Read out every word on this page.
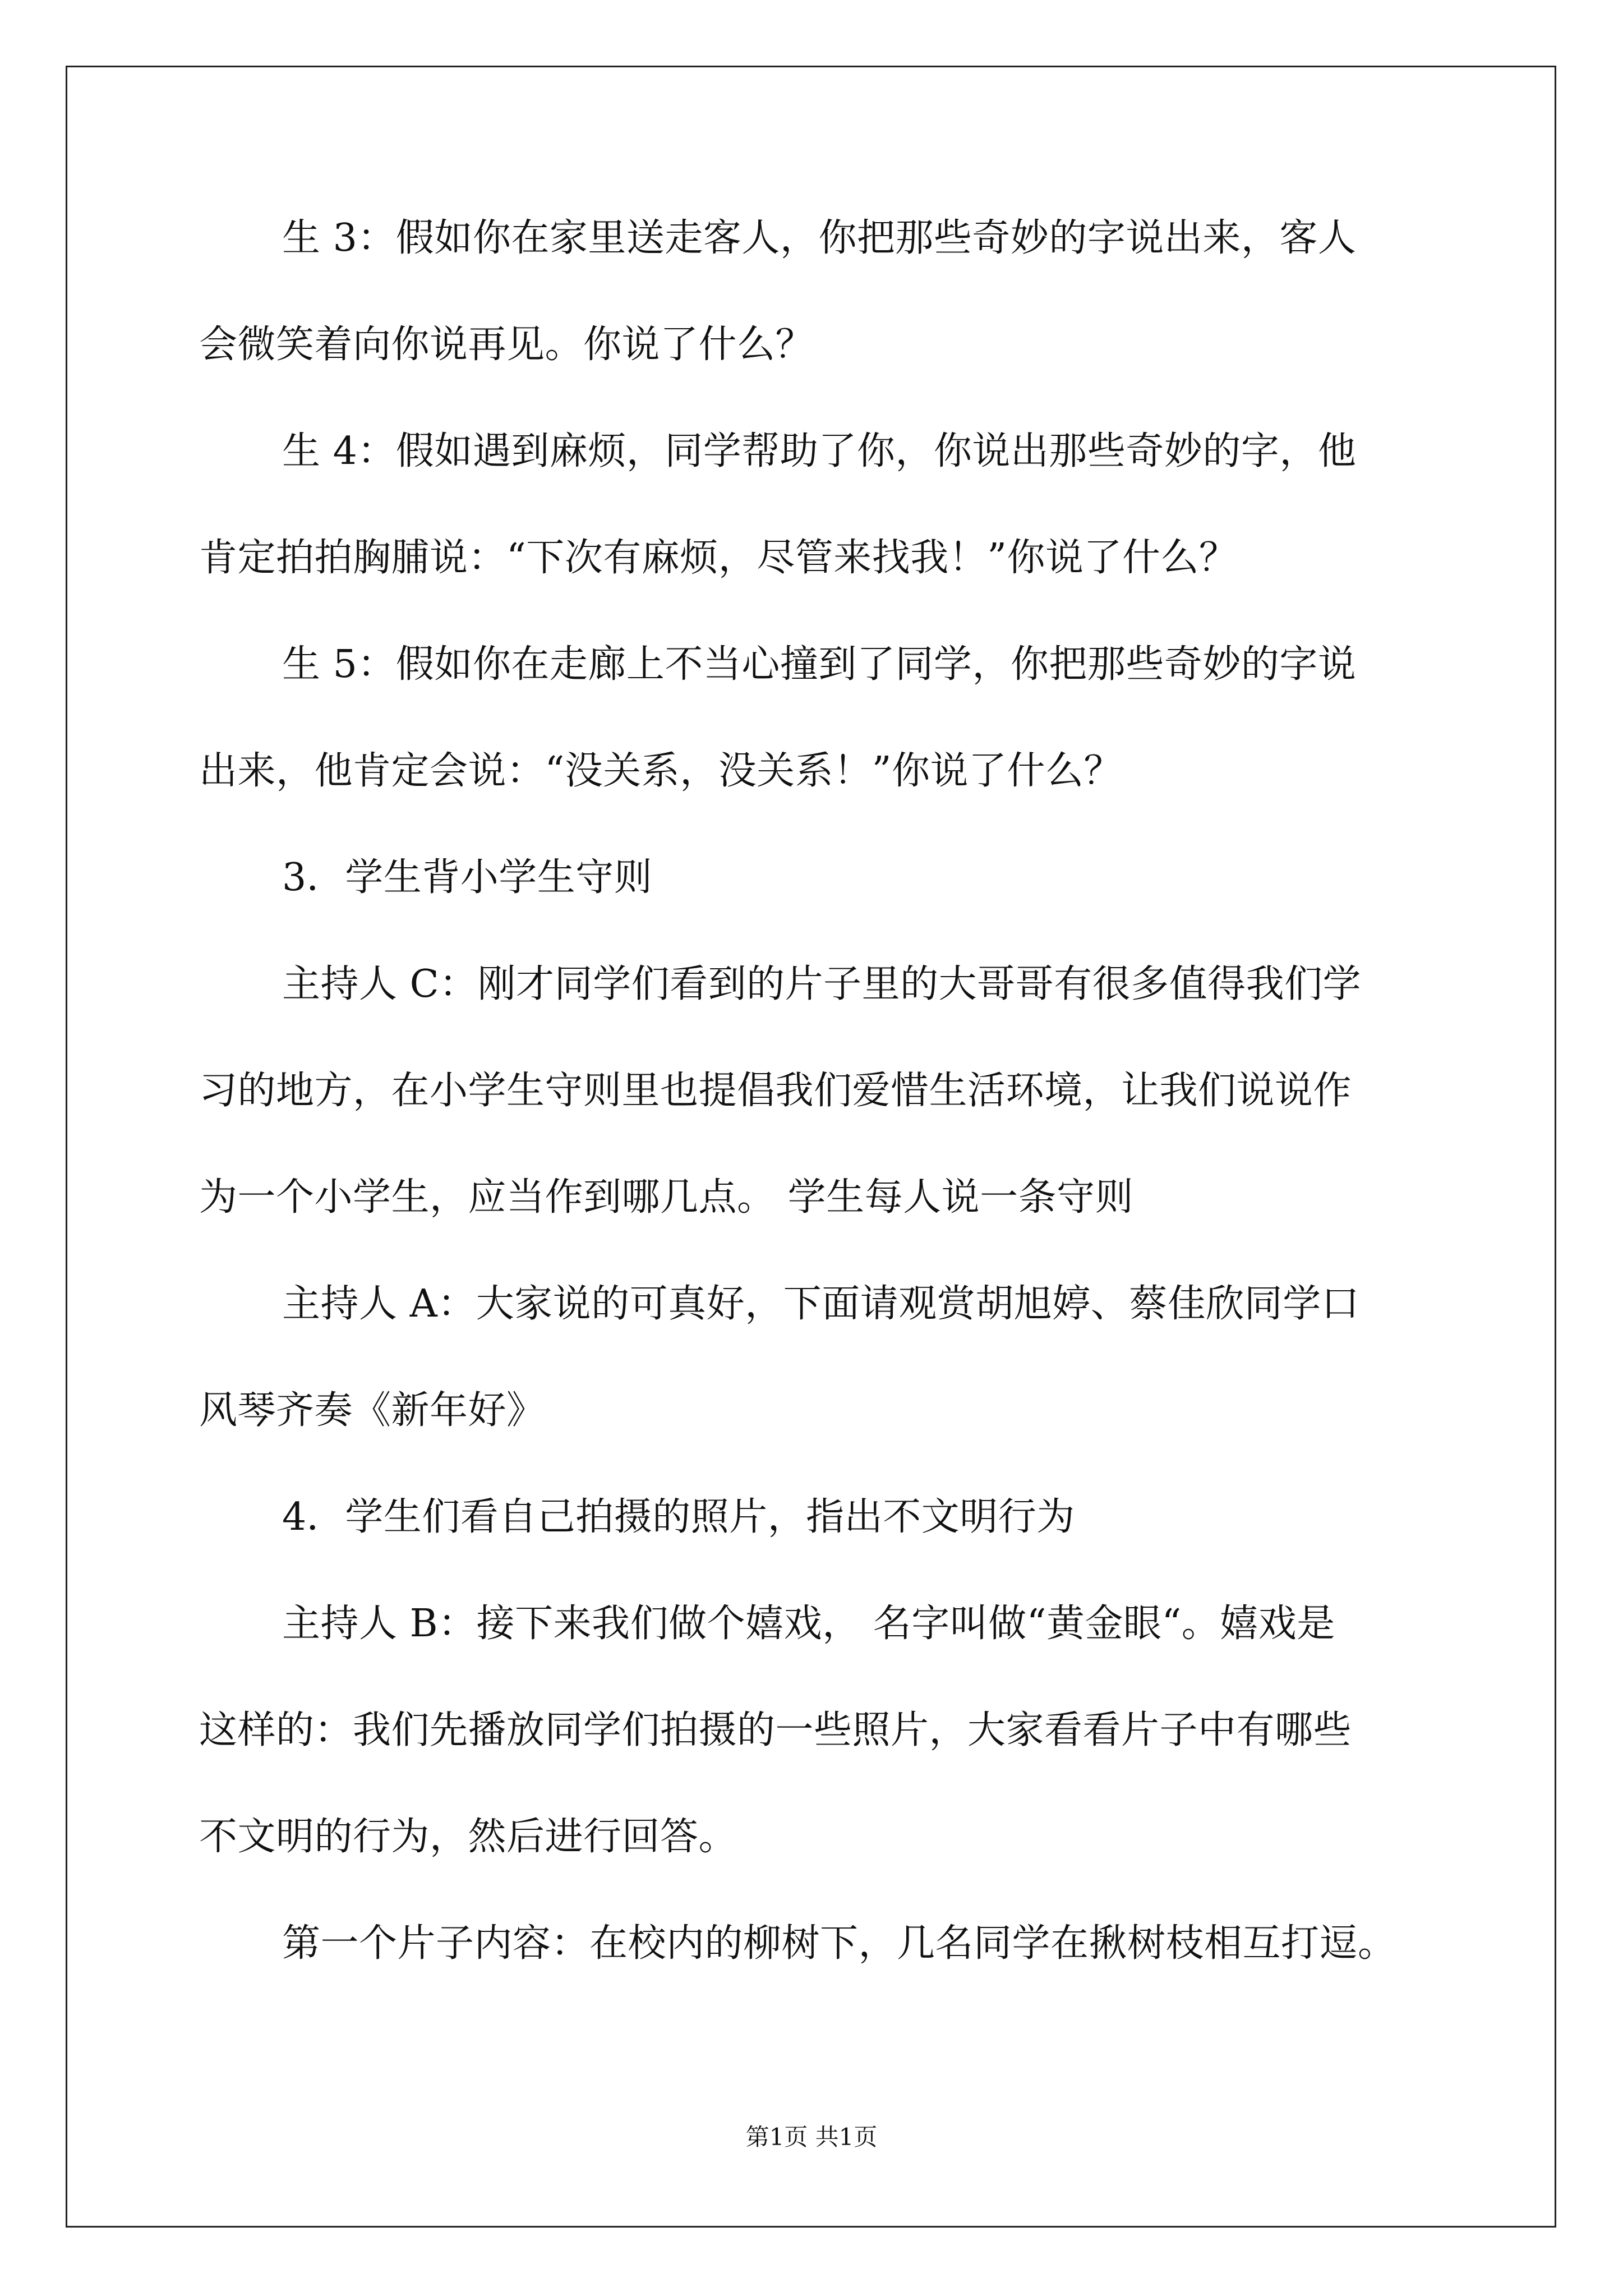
生 3：假如你在家里送走客人，你把那些奇妙的字说出来，客人
会微笑着向你说再见。你说了什么？
生 4：假如遇到麻烦，同学帮助了你，你说出那些奇妙的字，他
肯定拍拍胸脯说：“下次有麻烦，尽管来找我！”你说了什么？
生 5：假如你在走廊上不当心撞到了同学，你把那些奇妙的字说
出来，他肯定会说：“没关系，没关系！”你说了什么？
3．学生背小学生守则
主持人 C：刚才同学们看到的片子里的大哥哥有很多值得我们学
习的地方，在小学生守则里也提倡我们爱惜生活环境，让我们说说作
为一个小学生，应当作到哪几点。 学生每人说一条守则
主持人 A：大家说的可真好，下面请观赏胡旭婷、蔡佳欣同学口
风琴齐奏《新年好》
4．学生们看自己拍摄的照片，指出不文明行为
主持人 B：接下来我们做个嬉戏， 名字叫做“黄金眼“。嬉戏是
这样的：我们先播放同学们拍摄的一些照片，大家看看片子中有哪些
不文明的行为，然后进行回答。
第一个片子内容：在校内的柳树下，几名同学在揪树枝相互打逗。
第1页 共1页
